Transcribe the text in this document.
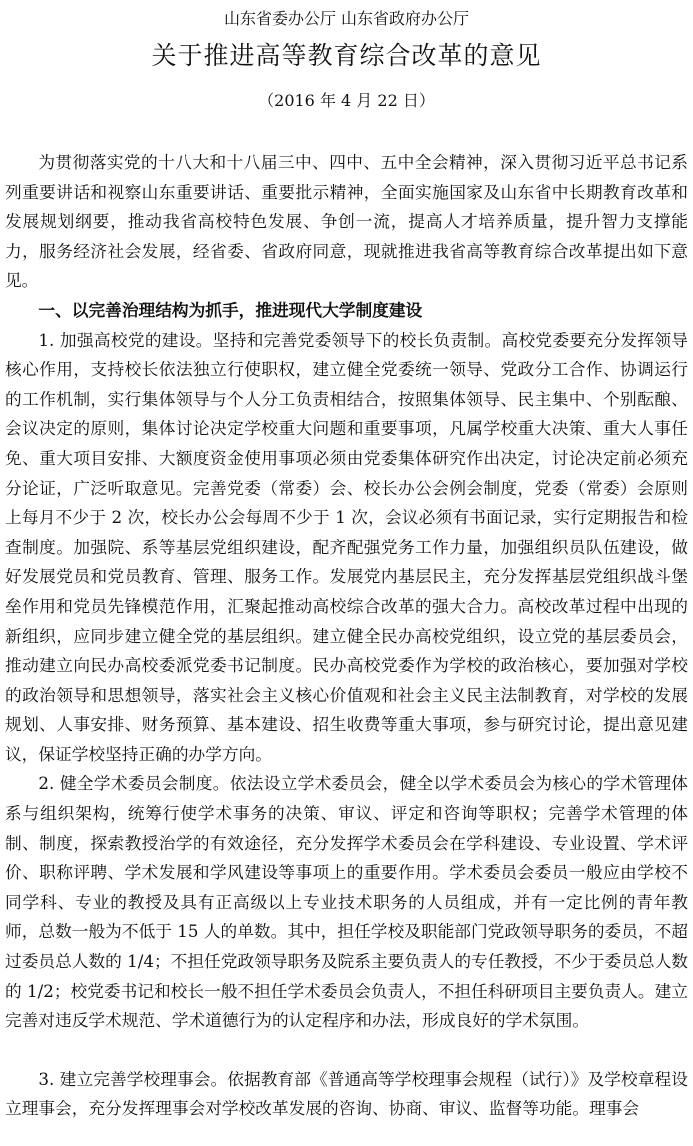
山东省委办公厅 山东省政府办公厅
关于推进高等教育综合改革的意见
（2016 年 4 月 22 日）

为贯彻落实党的十八大和十八届三中、四中、五中全会精神，深入贯彻习近平总书记系列重要讲话和视察山东重要讲话、重要批示精神，全面实施国家及山东省中长期教育改革和发展规划纲要，推动我省高校特色发展、争创一流，提高人才培养质量，提升智力支撑能力，服务经济社会发展，经省委、省政府同意，现就推进我省高等教育综合改革提出如下意见。

一、以完善治理结构为抓手，推进现代大学制度建设

1. 加强高校党的建设。坚持和完善党委领导下的校长负责制。高校党委要充分发挥领导核心作用，支持校长依法独立行使职权，建立健全党委统一领导、党政分工合作、协调运行的工作机制，实行集体领导与个人分工负责相结合，按照集体领导、民主集中、个别酝酿、会议决定的原则，集体讨论决定学校重大问题和重要事项，凡属学校重大决策、重大人事任免、重大项目安排、大额度资金使用事项必须由党委集体研究作出决定，讨论决定前必须充分论证，广泛听取意见。完善党委（常委）会、校长办公会例会制度，党委（常委）会原则上每月不少于 2 次，校长办公会每周不少于 1 次，会议必须有书面记录，实行定期报告和检查制度。加强院、系等基层党组织建设，配齐配强党务工作力量，加强组织员队伍建设，做好发展党员和党员教育、管理、服务工作。发展党内基层民主，充分发挥基层党组织战斗堡垒作用和党员先锋模范作用，汇聚起推动高校综合改革的强大合力。高校改革过程中出现的新组织，应同步建立健全党的基层组织。建立健全民办高校党组织，设立党的基层委员会，推动建立向民办高校委派党委书记制度。民办高校党委作为学校的政治核心，要加强对学校的政治领导和思想领导，落实社会主义核心价值观和社会主义民主法制教育，对学校的发展规划、人事安排、财务预算、基本建设、招生收费等重大事项，参与研究讨论，提出意见建议，保证学校坚持正确的办学方向。

2. 健全学术委员会制度。依法设立学术委员会，健全以学术委员会为核心的学术管理体系与组织架构，统筹行使学术事务的决策、审议、评定和咨询等职权；完善学术管理的体制、制度，探索教授治学的有效途径，充分发挥学术委员会在学科建设、专业设置、学术评价、职称评聘、学术发展和学风建设等事项上的重要作用。学术委员会委员一般应由学校不同学科、专业的教授及具有正高级以上专业技术职务的人员组成，并有一定比例的青年教师，总数一般为不低于 15 人的单数。其中，担任学校及职能部门党政领导职务的委员，不超过委员总人数的 1/4；不担任党政领导职务及院系主要负责人的专任教授，不少于委员总人数的 1/2；校党委书记和校长一般不担任学术委员会负责人，不担任科研项目主要负责人。建立完善对违反学术规范、学术道德行为的认定程序和办法，形成良好的学术氛围。

3. 建立完善学校理事会。依据教育部《普通高等学校理事会规程（试行）》及学校章程设立理事会，充分发挥理事会对学校改革发展的咨询、协商、审议、监督等功能。理事会
